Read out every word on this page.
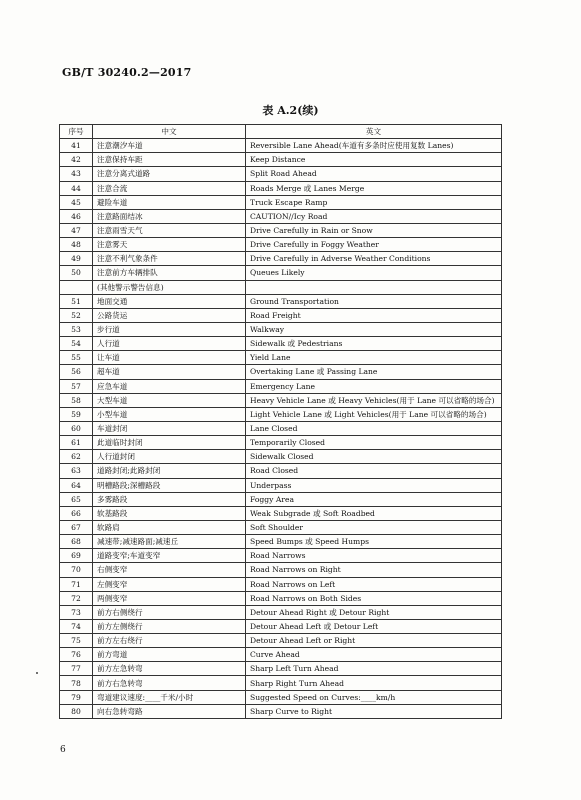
GB/T 30240.2—2017
表 A.2(续)
序号	中文	英文
41	注意潮汐车道	Reversible Lane Ahead(车道有多条时应使用复数 Lanes)
42	注意保持车距	Keep Distance
43	注意分离式道路	Split Road Ahead
44	注意合流	Roads Merge 或 Lanes Merge
45	避险车道	Truck Escape Ramp
46	注意路面结冰	CAUTION//Icy Road
47	注意雨雪天气	Drive Carefully in Rain or Snow
48	注意雾天	Drive Carefully in Foggy Weather
49	注意不利气象条件	Drive Carefully in Adverse Weather Conditions
50	注意前方车辆排队	Queues Likely
	(其他警示警告信息)	
51	地面交通	Ground Transportation
52	公路货运	Road Freight
53	步行道	Walkway
54	人行道	Sidewalk 或 Pedestrians
55	让车道	Yield Lane
56	超车道	Overtaking Lane 或 Passing Lane
57	应急车道	Emergency Lane
58	大型车道	Heavy Vehicle Lane 或 Heavy Vehicles(用于 Lane 可以省略的场合)
59	小型车道	Light Vehicle Lane 或 Light Vehicles(用于 Lane 可以省略的场合)
60	车道封闭	Lane Closed
61	此道临时封闭	Temporarily Closed
62	人行道封闭	Sidewalk Closed
63	道路封闭;此路封闭	Road Closed
64	明槽路段;深槽路段	Underpass
65	多雾路段	Foggy Area
66	软基路段	Weak Subgrade 或 Soft Roadbed
67	软路肩	Soft Shoulder
68	减速带;减速路面;减速丘	Speed Bumps 或 Speed Humps
69	道路变窄;车道变窄	Road Narrows
70	右侧变窄	Road Narrows on Right
71	左侧变窄	Road Narrows on Left
72	两侧变窄	Road Narrows on Both Sides
73	前方右侧绕行	Detour Ahead Right 或 Detour Right
74	前方左侧绕行	Detour Ahead Left 或 Detour Left
75	前方左右绕行	Detour Ahead Left or Right
76	前方弯道	Curve Ahead
77	前方左急转弯	Sharp Left Turn Ahead
78	前方右急转弯	Sharp Right Turn Ahead
79	弯道建议速度:____千米/小时	Suggested Speed on Curves:____km/h
80	向右急转弯路	Sharp Curve to Right
6
